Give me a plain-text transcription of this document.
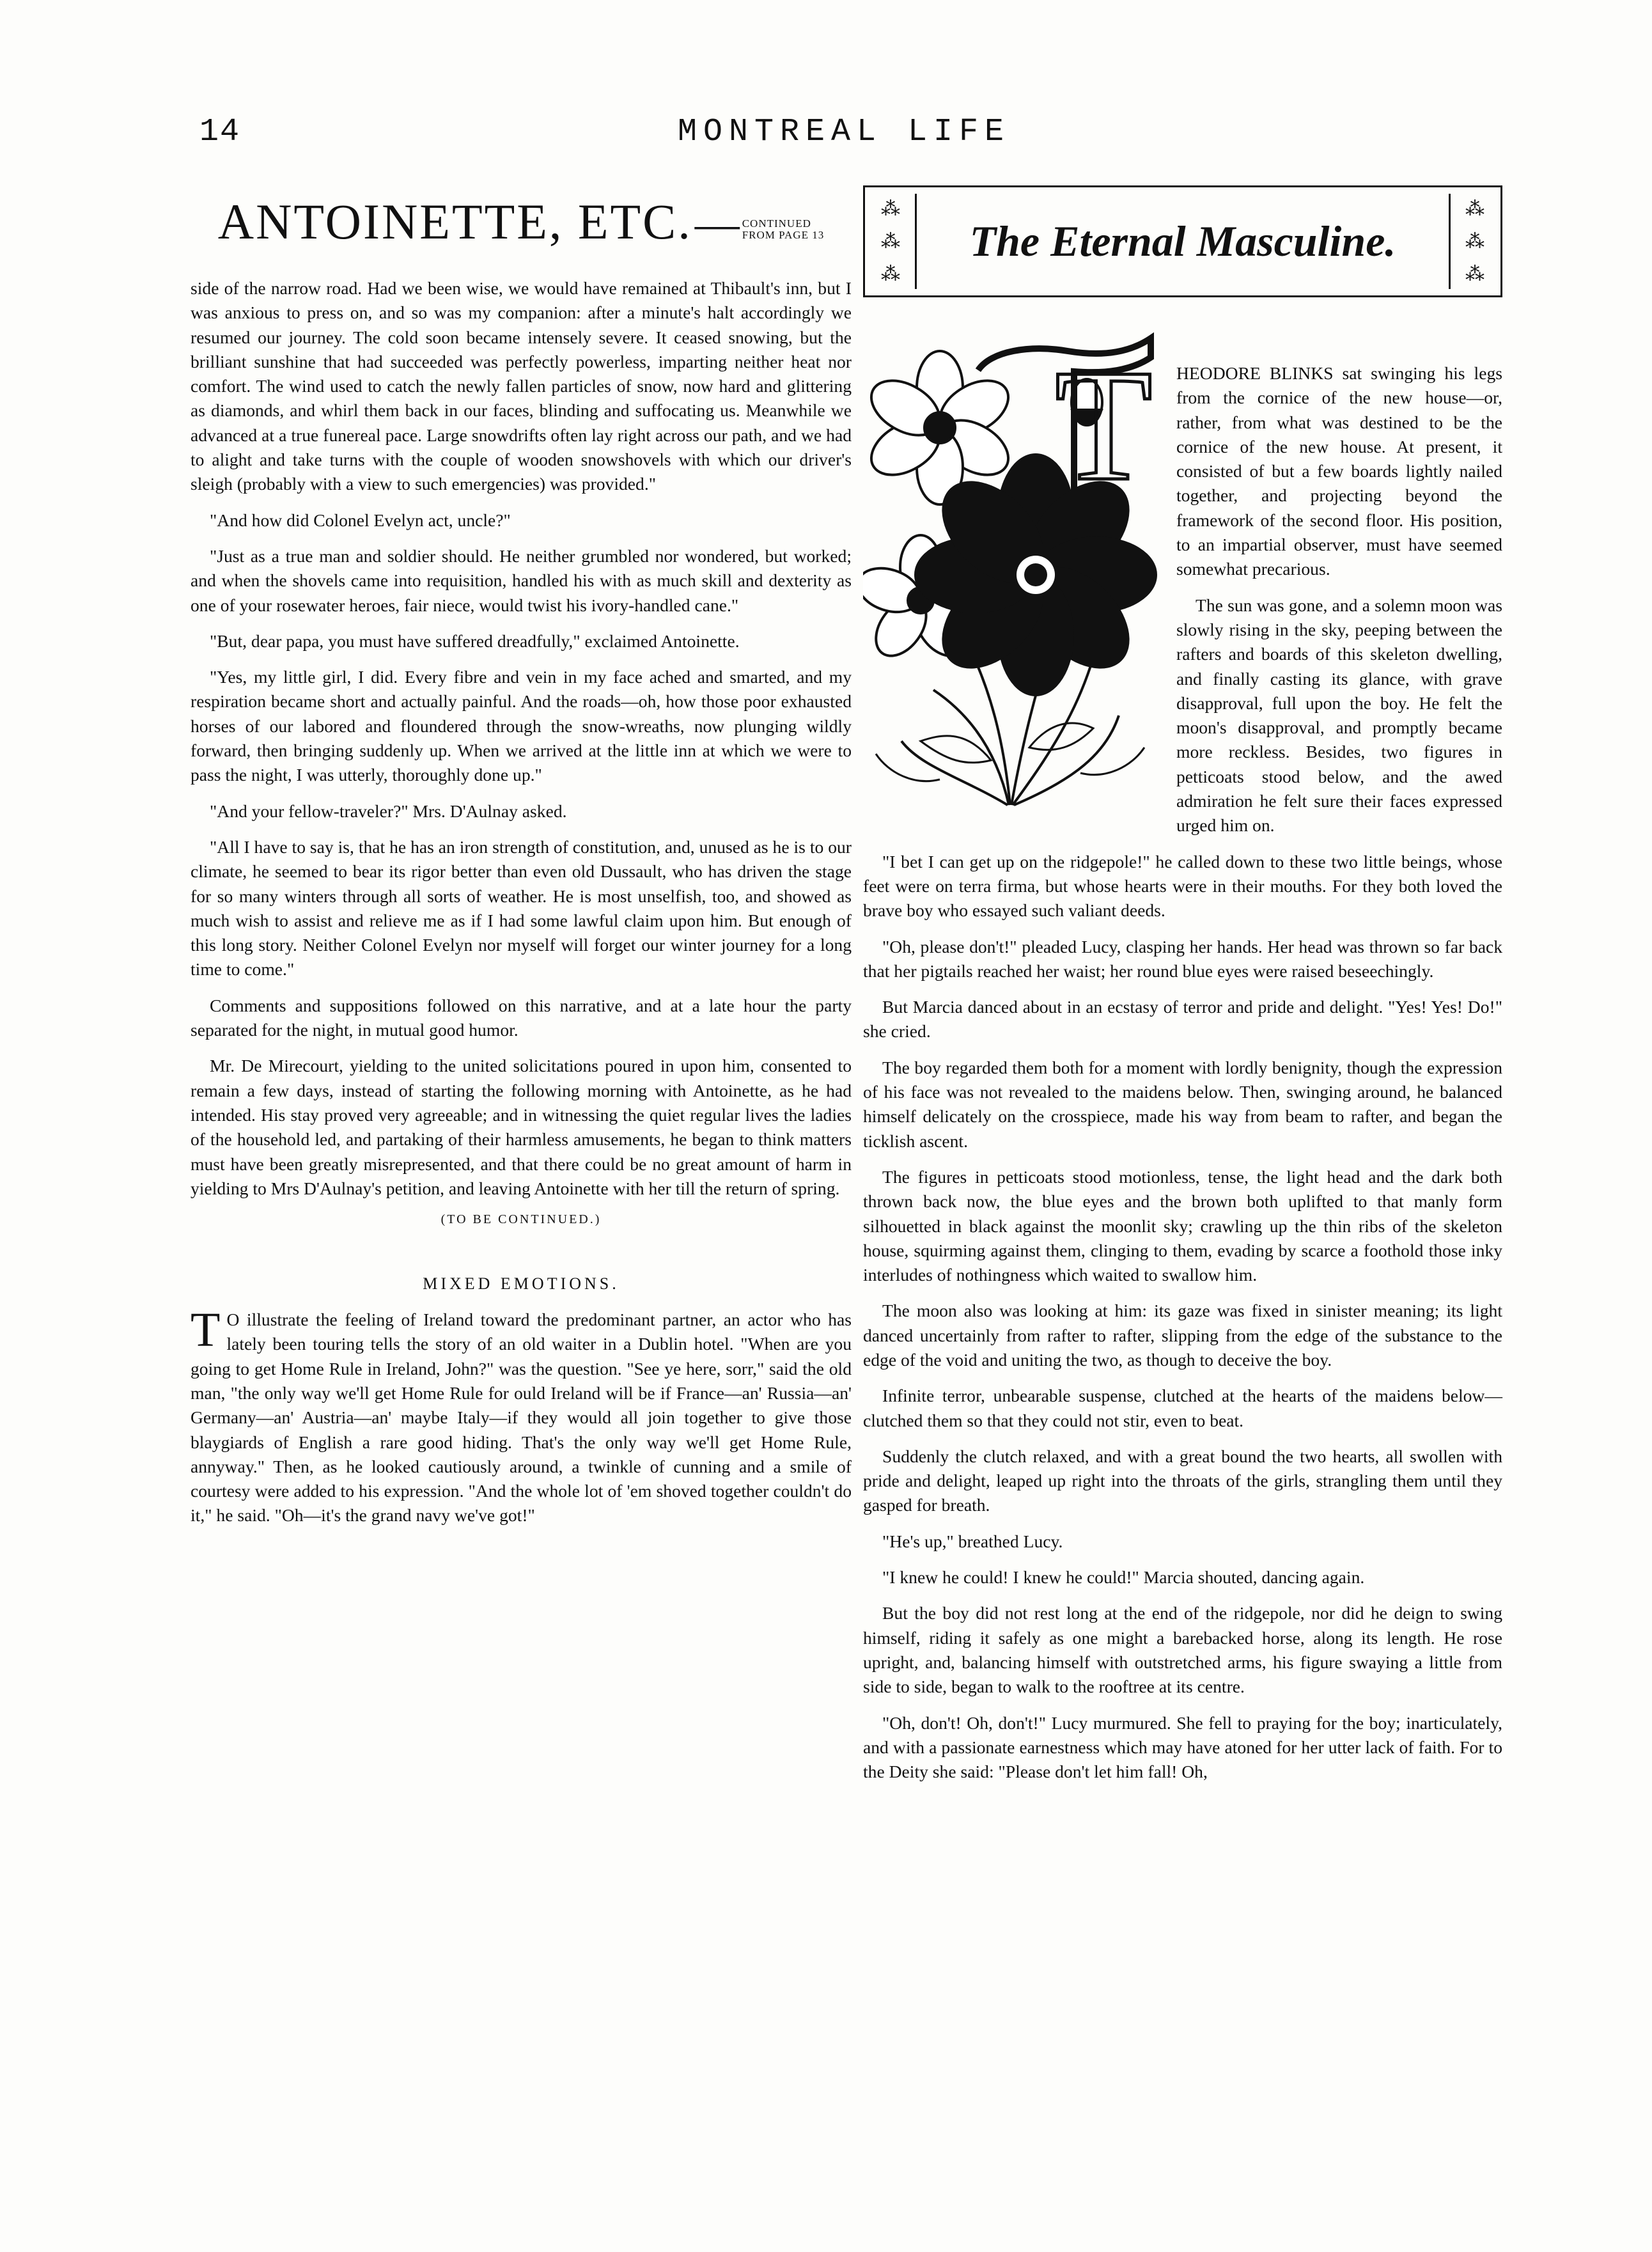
14	MONTREAL LIFE
ANTOINETTE, ETC. — CONTINUED
FROM PAGE 13

side of the narrow road. Had we been wise, we would have remained at Thibault's inn, but I was anxious to press on, and so was my companion: after a minute's halt accordingly we resumed our journey. The cold soon became intensely severe. It ceased snowing, but the brilliant sunshine that had succeeded was perfectly powerless, imparting neither heat nor comfort. The wind used to catch the newly fallen particles of snow, now hard and glittering as diamonds, and whirl them back in our faces, blinding and suffocating us. Meanwhile we advanced at a true funereal pace. Large snowdrifts often lay right across our path, and we had to alight and take turns with the couple of wooden snowshovels with which our driver's sleigh (probably with a view to such emergencies) was provided."

"And how did Colonel Evelyn act, uncle?"

"Just as a true man and soldier should. He neither grumbled nor wondered, but worked; and when the shovels came into requisition, handled his with as much skill and dexterity as one of your rosewater heroes, fair niece, would twist his ivory-handled cane."

"But, dear papa, you must have suffered dreadfully," exclaimed Antoinette.

"Yes, my little girl, I did. Every fibre and vein in my face ached and smarted, and my respiration became short and actually painful. And the roads—oh, how those poor exhausted horses of our labored and floundered through the snow-wreaths, now plunging wildly forward, then bringing suddenly up. When we arrived at the little inn at which we were to pass the night, I was utterly, thoroughly done up."

"And your fellow-traveler?" Mrs. D'Aulnay asked.

"All I have to say is, that he has an iron strength of constitution, and, unused as he is to our climate, he seemed to bear its rigor better than even old Dussault, who has driven the stage for so many winters through all sorts of weather. He is most unselfish, too, and showed as much wish to assist and relieve me as if I had some lawful claim upon him. But enough of this long story. Neither Colonel Evelyn nor myself will forget our winter journey for a long time to come."

Comments and suppositions followed on this narrative, and at a late hour the party separated for the night, in mutual good humor.

Mr. De Mirecourt, yielding to the united solicitations poured in upon him, consented to remain a few days, instead of starting the following morning with Antoinette, as he had intended. His stay proved very agreeable; and in witnessing the quiet regular lives the ladies of the household led, and partaking of their harmless amusements, he began to think matters must have been greatly misrepresented, and that there could be no great amount of harm in yielding to Mrs D'Aulnay's petition, and leaving Antoinette with her till the return of spring.

(TO BE CONTINUED.)
MIXED EMOTIONS.

T O illustrate the feeling of Ireland toward the predominant partner, an actor who has lately been touring tells the story of an old waiter in a Dublin hotel. "When are you going to get Home Rule in Ireland, John?" was the question. "See ye here, sorr," said the old man, "the only way we'll get Home Rule for ould Ireland will be if France—an' Russia—an' Germany—an' Austria—an' maybe Italy—if they would all join together to give those blaygiards of English a rare good hiding. That's the only way we'll get Home Rule, annyway." Then, as he looked cautiously around, a twinkle of cunning and a smile of courtesy were added to his expression. "And the whole lot of 'em shoved together couldn't do it," he said. "Oh—it's the grand navy we've got!"

⁂
⁂
⁂
The Eternal Masculine.
⁂
⁂
⁂
T	HEODORE BLINKS sat swinging his legs from the cornice of the new house—or, rather, from what was destined to be the cornice of the new house. At present, it consisted of but a few boards lightly nailed together, and projecting beyond the framework of the second floor. His position, to an impartial observer, must have seemed somewhat precarious.

The sun was gone, and a solemn moon was slowly rising in the sky, peeping between the rafters and boards of this skeleton dwelling, and finally casting its glance, with grave disapproval, full upon the boy. He felt the moon's disapproval, and promptly became more reckless. Besides, two figures in petticoats stood below, and the awed admiration he felt sure their faces expressed urged him on.

"I bet I can get up on the ridgepole!" he called down to these two little beings, whose feet were on terra firma, but whose hearts were in their mouths. For they both loved the brave boy who essayed such valiant deeds.

"Oh, please don't!" pleaded Lucy, clasping her hands. Her head was thrown so far back that her pigtails reached her waist; her round blue eyes were raised beseechingly.

But Marcia danced about in an ecstasy of terror and pride and delight. "Yes! Yes! Do!" she cried.

The boy regarded them both for a moment with lordly benignity, though the expression of his face was not revealed to the maidens below. Then, swinging around, he balanced himself delicately on the crosspiece, made his way from beam to rafter, and began the ticklish ascent.

The figures in petticoats stood motionless, tense, the light head and the dark both thrown back now, the blue eyes and the brown both uplifted to that manly form silhouetted in black against the moonlit sky; crawling up the thin ribs of the skeleton house, squirming against them, clinging to them, evading by scarce a foothold those inky interludes of nothingness which waited to swallow him.

The moon also was looking at him: its gaze was fixed in sinister meaning; its light danced uncertainly from rafter to rafter, slipping from the edge of the substance to the edge of the void and uniting the two, as though to deceive the boy.

Infinite terror, unbearable suspense, clutched at the hearts of the maidens below—clutched them so that they could not stir, even to beat.

Suddenly the clutch relaxed, and with a great bound the two hearts, all swollen with pride and delight, leaped up right into the throats of the girls, strangling them until they gasped for breath.

"He's up," breathed Lucy.

"I knew he could! I knew he could!" Marcia shouted, dancing again.

But the boy did not rest long at the end of the ridgepole, nor did he deign to swing himself, riding it safely as one might a barebacked horse, along its length. He rose upright, and, balancing himself with outstretched arms, his figure swaying a little from side to side, began to walk to the rooftree at its centre.

"Oh, don't! Oh, don't!" Lucy murmured. She fell to praying for the boy; inarticulately, and with a passionate earnestness which may have atoned for her utter lack of faith. For to the Deity she said: "Please don't let him fall! Oh,
